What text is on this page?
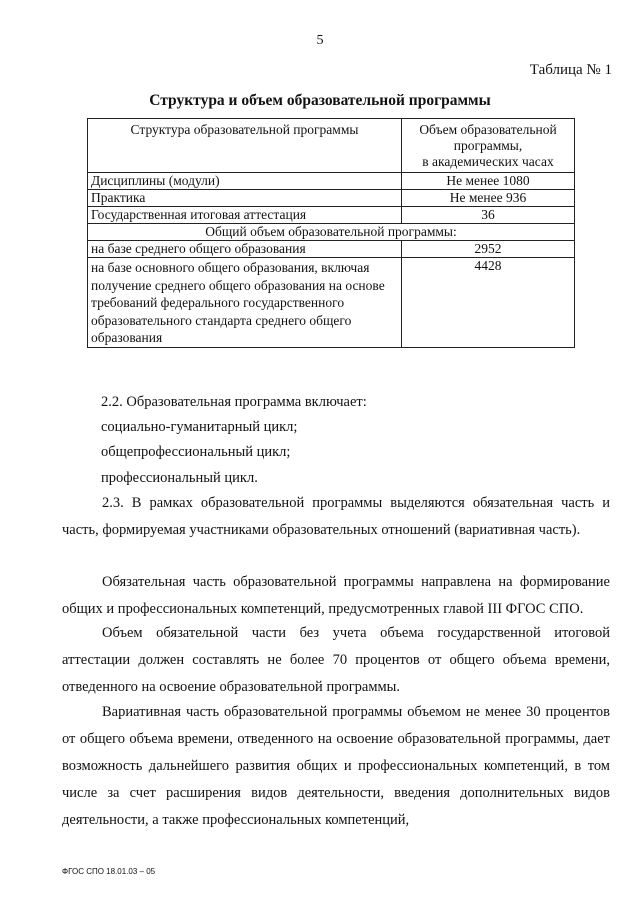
5
Таблица № 1
Структура и объем образовательной программы
Структура образовательной программы	Объем образовательной
программы,
в академических часах

Дисциплины (модули)	Не менее 1080
Практика	Не менее 936
Государственная итоговая аттестация	36
Общий объем образовательной программы:	
на базе среднего общего образования	2952
на базе основного общего образования, включая получение среднего общего образования на основе требований федерального государственного образовательного стандарта среднего общего образования	4428
2.2. Образовательная программа включает:
социально-гуманитарный цикл;
общепрофессиональный цикл;
профессиональный цикл.
2.3. В рамках образовательной программы выделяются обязательная часть и часть, формируемая участниками образовательных отношений (вариативная часть).
Обязательная часть образовательной программы направлена на формирование общих и профессиональных компетенций, предусмотренных главой III ФГОС СПО.
Объем обязательной части без учета объема государственной итоговой аттестации должен составлять не более 70 процентов от общего объема времени, отведенного на освоение образовательной программы.
Вариативная часть образовательной программы объемом не менее 30 процентов от общего объема времени, отведенного на освоение образовательной программы, дает возможность дальнейшего развития общих и профессиональных компетенций, в том числе за счет расширения видов деятельности, введения дополнительных видов деятельности, а также профессиональных компетенций,
ФГОС СПО 18.01.03 – 05
